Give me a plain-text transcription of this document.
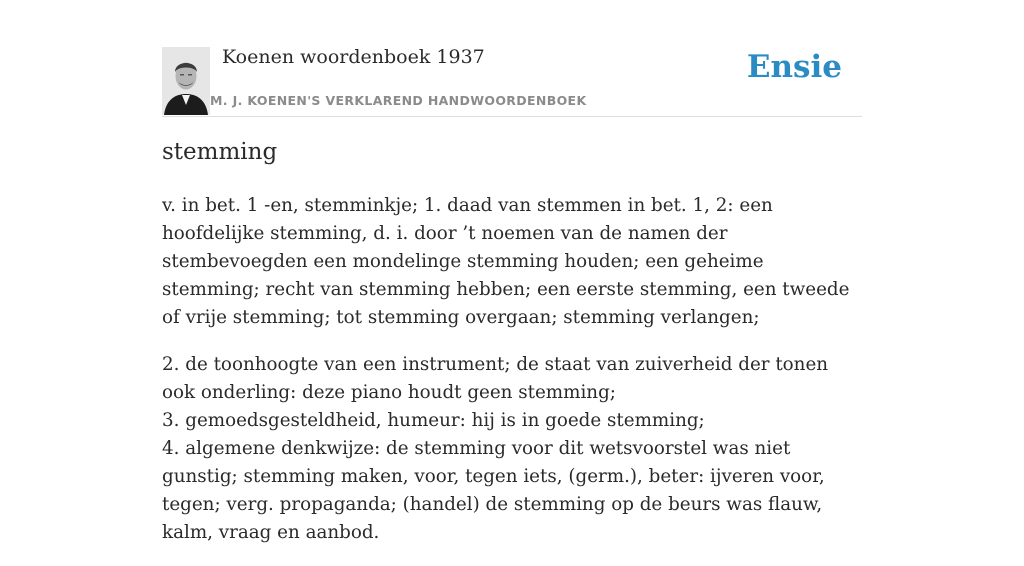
Koenen woordenboek 1937
M. J. KOENEN'S VERKLAREND HANDWOORDENBOEK
Ensie
stemming

v. in bet. 1 -en, stemminkje; 1. daad van stemmen in bet. 1, 2: een hoofdelijke stemming, d. i. door ’t noemen van de namen der stembevoegden een mondelinge stemming houden; een geheime stemming; recht van stemming hebben; een eerste stemming, een tweede of vrije stemming; tot stemming overgaan; stemming verlangen;

2. de toonhoogte van een instrument; de staat van zuiverheid der tonen ook onderling: deze piano houdt geen stemming;
3. gemoedsgesteldheid, humeur: hij is in goede stemming;
4. algemene denkwijze: de stemming voor dit wetsvoorstel was niet gunstig; stemming maken, voor, tegen iets, (germ.), beter: ijveren voor, tegen; verg. propaganda; (handel) de stemming op de beurs was flauw, kalm, vraag en aanbod.
